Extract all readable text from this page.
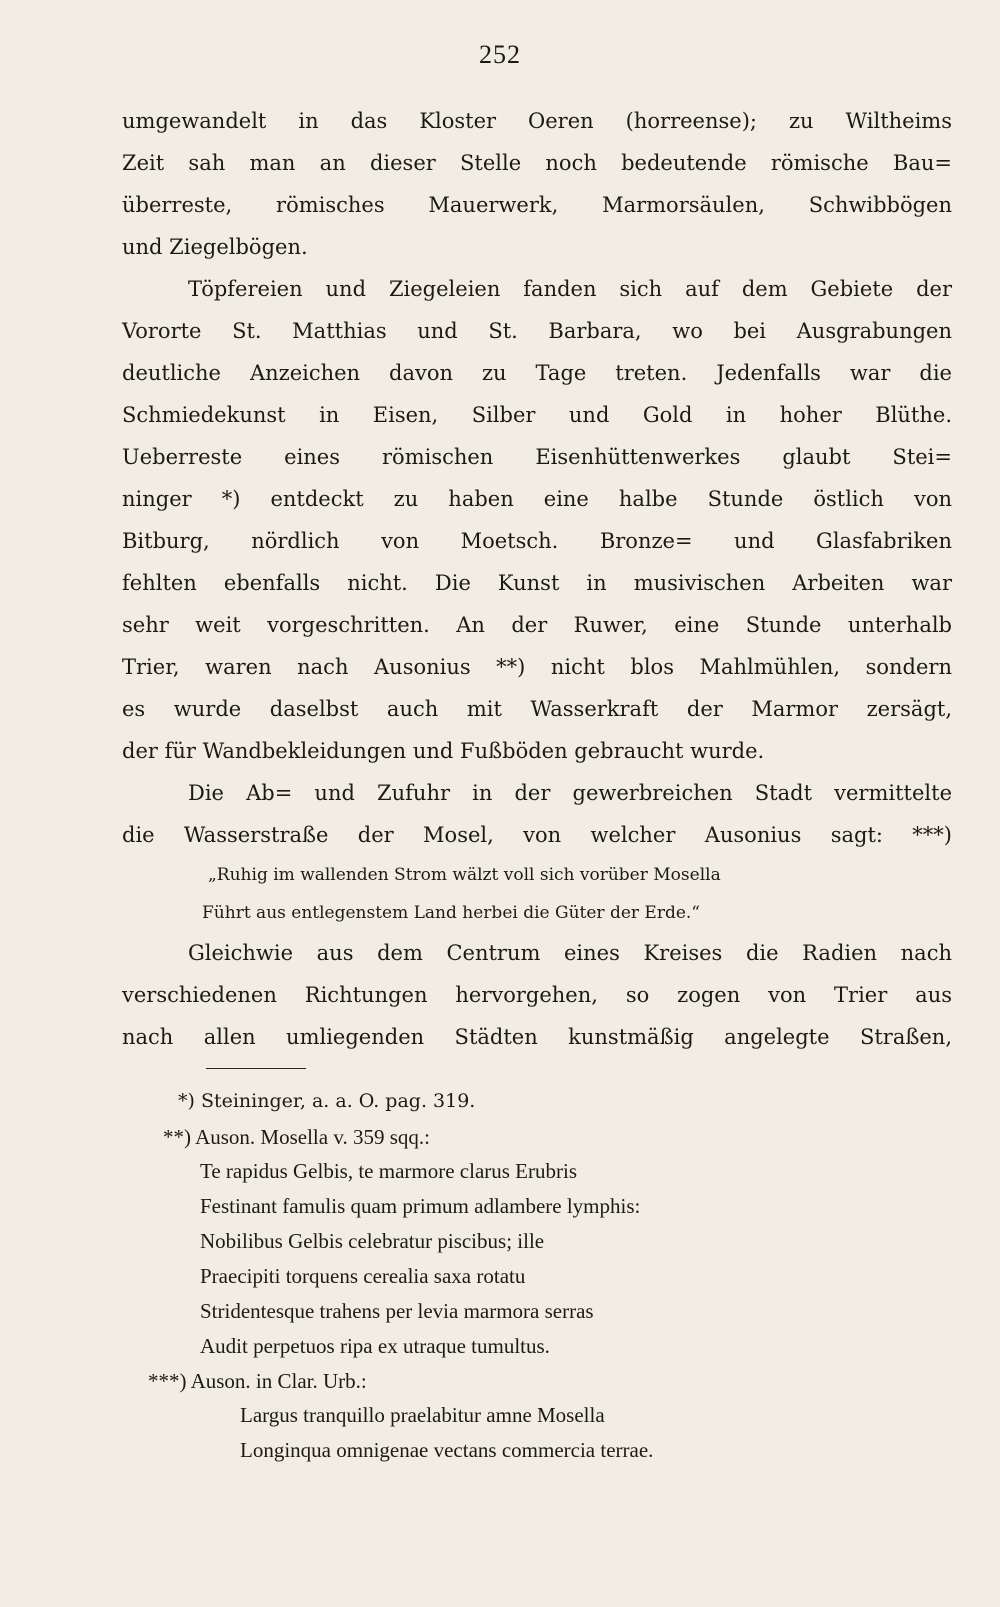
252
umgewandelt in das Kloster Oeren (horreense); zu Wiltheims
Zeit sah man an dieser Stelle noch bedeutende römische Bau=
überreste, römisches Mauerwerk, Marmorsäulen, Schwibbögen
und Ziegelbögen.
Töpfereien und Ziegeleien fanden sich auf dem Gebiete der
Vororte St. Matthias und St. Barbara, wo bei Ausgrabungen
deutliche Anzeichen davon zu Tage treten. Jedenfalls war die
Schmiedekunst in Eisen, Silber und Gold in hoher Blüthe.
Ueberreste eines römischen Eisenhüttenwerkes glaubt Stei=
ninger *) entdeckt zu haben eine halbe Stunde östlich von
Bitburg, nördlich von Moetsch. Bronze= und Glasfabriken
fehlten ebenfalls nicht. Die Kunst in musivischen Arbeiten war
sehr weit vorgeschritten. An der Ruwer, eine Stunde unterhalb
Trier, waren nach Ausonius **) nicht blos Mahlmühlen, sondern
es wurde daselbst auch mit Wasserkraft der Marmor zersägt,
der für Wandbekleidungen und Fußböden gebraucht wurde.
Die Ab= und Zufuhr in der gewerbreichen Stadt vermittelte
die Wasserstraße der Mosel, von welcher Ausonius sagt: ***)
„Ruhig im wallenden Strom wälzt voll sich vorüber Mosella
Führt aus entlegenstem Land herbei die Güter der Erde.“
Gleichwie aus dem Centrum eines Kreises die Radien nach
verschiedenen Richtungen hervorgehen, so zogen von Trier aus
nach allen umliegenden Städten kunstmäßig angelegte Straßen,
*) Steininger, a. a. O. pag. 319.
**) Auson. Mosella v. 359 sqq.:
Te rapidus Gelbis, te marmore clarus Erubris
Festinant famulis quam primum adlambere lymphis:
Nobilibus Gelbis celebratur piscibus; ille
Praecipiti torquens cerealia saxa rotatu
Stridentesque trahens per levia marmora serras
Audit perpetuos ripa ex utraque tumultus.
***) Auson. in Clar. Urb.:
Largus tranquillo praelabitur amne Mosella
Longinqua omnigenae vectans commercia terrae.
